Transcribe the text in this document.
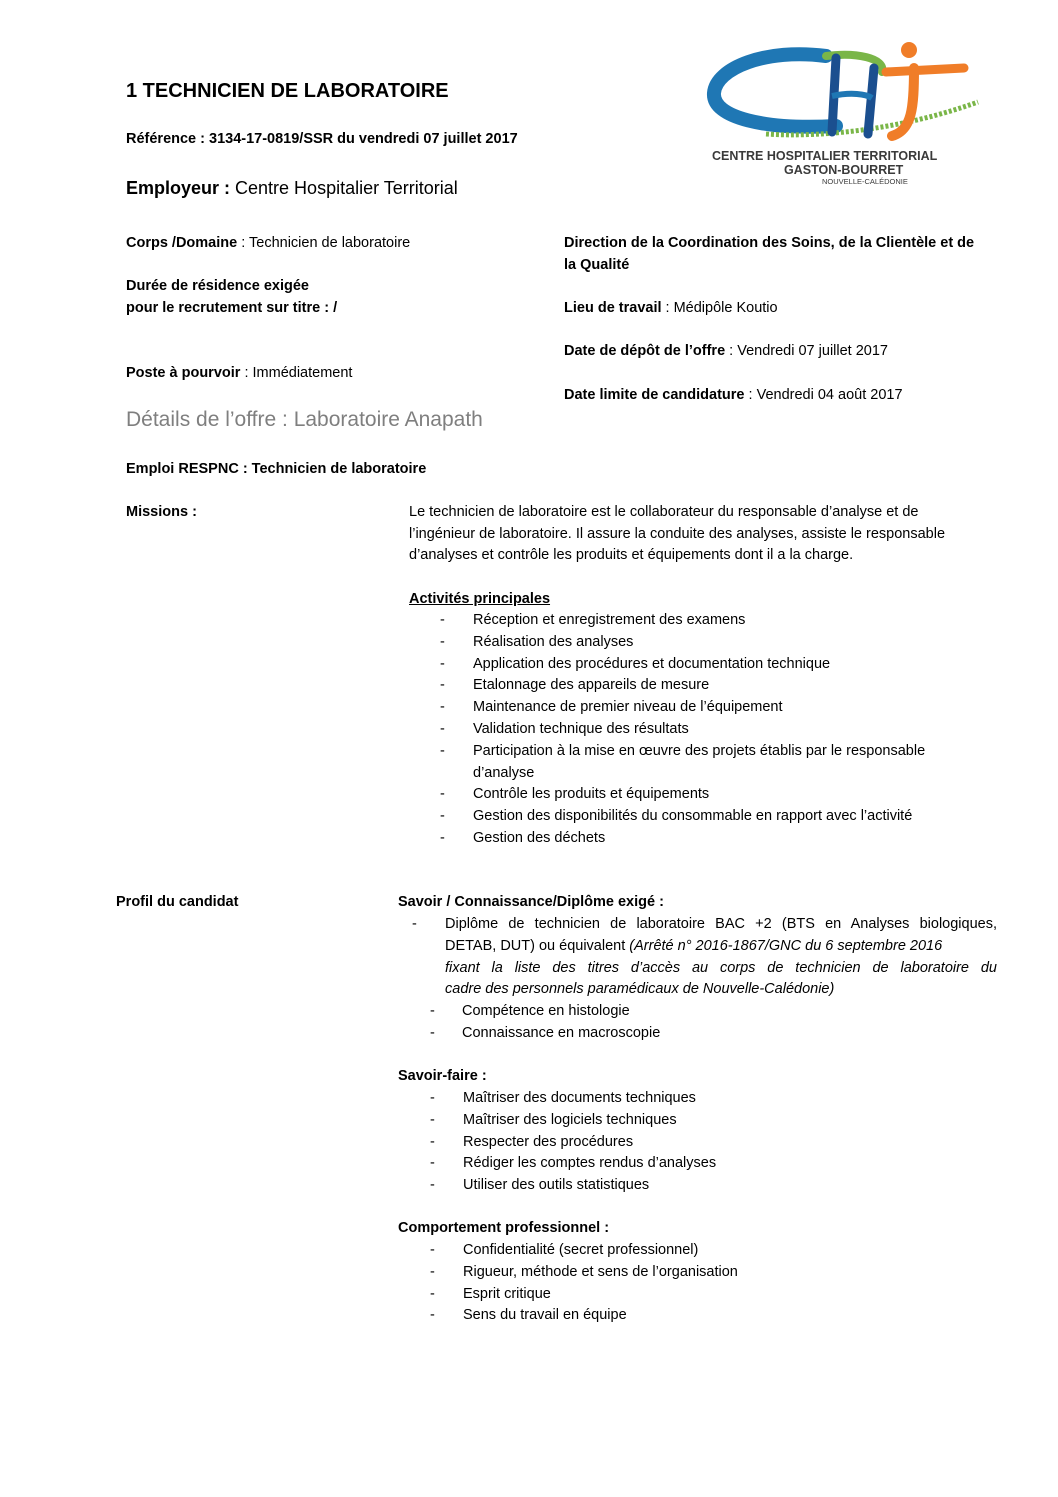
1 TECHNICIEN DE LABORATOIRE
Référence : 3134-17-0819/SSR du vendredi 07 juillet 2017
Employeur : Centre Hospitalier Territorial
CENTRE HOSPITALIER TERRITORIAL
GASTON-BOURRET
NOUVELLE-CALÉDONIE
Corps /Domaine : Technicien de laboratoire
Durée de résidence exigée
pour le recrutement sur titre : /
Poste à pourvoir : Immédiatement
Direction de la Coordination des Soins, de la Clientèle et de
la Qualité
Lieu de travail : Médipôle Koutio
Date de dépôt de l’offre : Vendredi 07 juillet 2017
Date limite de candidature : Vendredi 04 août 2017
Détails de l’offre : Laboratoire Anapath
Emploi RESPNC : Technicien de laboratoire
Missions :	Le technicien de laboratoire est le collaborateur du responsable d’analyse et de
l’ingénieur de laboratoire. Il assure la conduite des analyses, assiste le responsable
d’analyses et contrôle les produits et équipements dont il a la charge.
Activités principales
- Réception et enregistrement des examens
- Réalisation des analyses
- Application des procédures et documentation technique
- Etalonnage des appareils de mesure
- Maintenance de premier niveau de l’équipement
- Validation technique des résultats
- Participation à la mise en œuvre des projets établis par le responsable
d’analyse
- Contrôle les produits et équipements
- Gestion des disponibilités du consommable en rapport avec l’activité
- Gestion des déchets
Profil du candidat	Savoir / Connaissance/Diplôme exigé :
- Diplôme de technicien de laboratoire BAC +2 (BTS en Analyses biologiques,
DETAB, DUT) ou équivalent (Arrêté n° 2016-1867/GNC du 6 septembre 2016
fixant la liste des titres d’accès au corps de technicien de laboratoire du
cadre des personnels paramédicaux de Nouvelle-Calédonie)
- Compétence en histologie
- Connaissance en macroscopie
Savoir-faire :
- Maîtriser des documents techniques
- Maîtriser des logiciels techniques
- Respecter des procédures
- Rédiger les comptes rendus d’analyses
- Utiliser des outils statistiques
Comportement professionnel :
- Confidentialité (secret professionnel)
- Rigueur, méthode et sens de l’organisation
- Esprit critique
- Sens du travail en équipe
